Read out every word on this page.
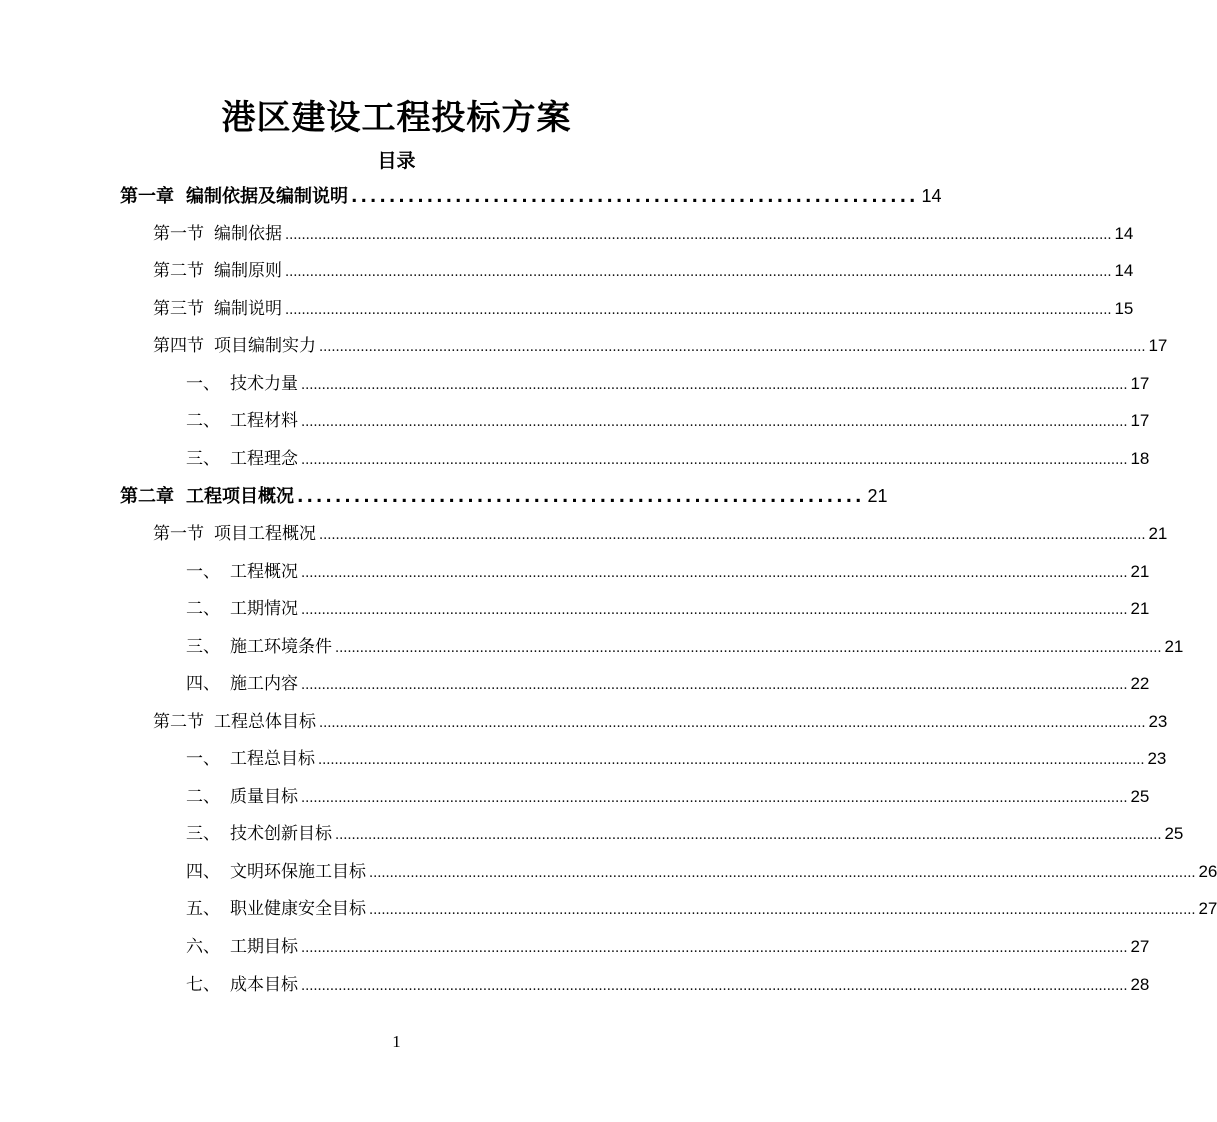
港区建设工程投标方案
目录
第一章 编制依据及编制说明 ............................................................ 14
第一节 编制依据 ........................................................................................................................................................................................................ 14
第二节 编制原则 ........................................................................................................................................................................................................ 14
第三节 编制说明 ........................................................................................................................................................................................................ 15
第四节 项目编制实力 ........................................................................................................................................................................................................ 17
一、 技术力量 ........................................................................................................................................................................................................ 17
二、 工程材料 ........................................................................................................................................................................................................ 17
三、 工程理念 ........................................................................................................................................................................................................ 18
第二章 工程项目概况 ............................................................ 21
第一节 项目工程概况 ........................................................................................................................................................................................................ 21
一、 工程概况 ........................................................................................................................................................................................................ 21
二、 工期情况 ........................................................................................................................................................................................................ 21
三、 施工环境条件 ........................................................................................................................................................................................................ 21
四、 施工内容 ........................................................................................................................................................................................................ 22
第二节 工程总体目标 ........................................................................................................................................................................................................ 23
一、 工程总目标 ........................................................................................................................................................................................................ 23
二、 质量目标 ........................................................................................................................................................................................................ 25
三、 技术创新目标 ........................................................................................................................................................................................................ 25
四、 文明环保施工目标 ........................................................................................................................................................................................................ 26
五、 职业健康安全目标 ........................................................................................................................................................................................................ 27
六、 工期目标 ........................................................................................................................................................................................................ 27
七、 成本目标 ........................................................................................................................................................................................................ 28
1
